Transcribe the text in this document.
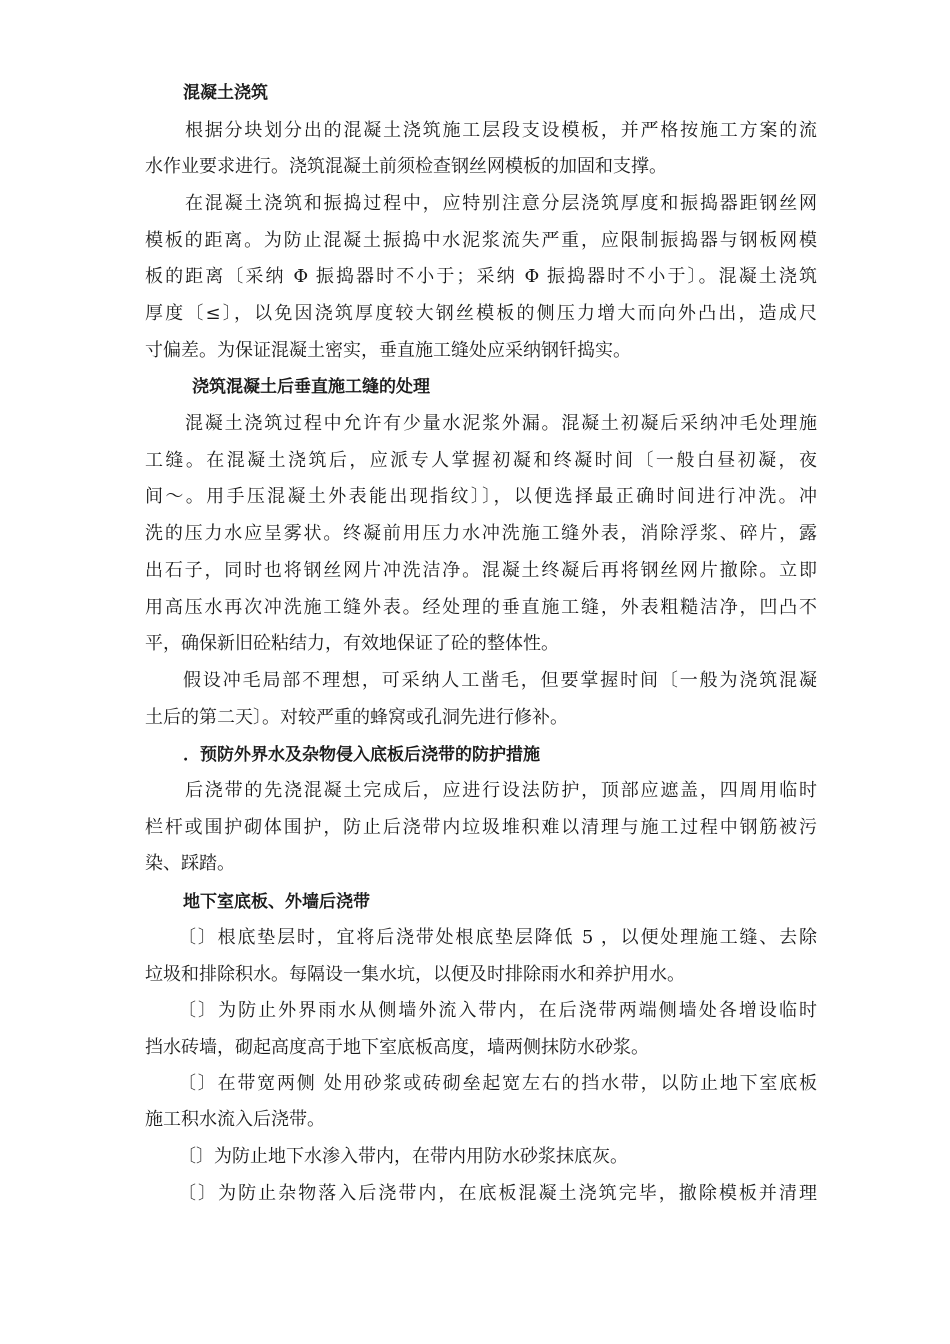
混凝土浇筑
根据分块划分出的混凝土浇筑施工层段支设模板，并严格按施工方案的流
水作业要求进行。浇筑混凝土前须检查钢丝网模板的加固和支撑。
在混凝土浇筑和振捣过程中，应特别注意分层浇筑厚度和振捣器距钢丝网
模板的距离。为防止混凝土振捣中水泥浆流失严重，应限制振捣器与钢板网模
板的距离〔采纳 Φ 振捣器时不小于；采纳 Φ 振捣器时不小于〕。混凝土浇筑
厚度〔≤〕，以免因浇筑厚度较大钢丝模板的侧压力增大而向外凸出，造成尺
寸偏差。为保证混凝土密实，垂直施工缝处应采纳钢钎捣实。
浇筑混凝土后垂直施工缝的处理
混凝土浇筑过程中允许有少量水泥浆外漏。混凝土初凝后采纳冲毛处理施
工缝。在混凝土浇筑后，应派专人掌握初凝和终凝时间〔一般白昼初凝，夜
间～。用手压混凝土外表能出现指纹〕〕，以便选择最正确时间进行冲洗。冲
洗的压力水应呈雾状。终凝前用压力水冲洗施工缝外表，消除浮浆、碎片，露
出石子，同时也将钢丝网片冲洗洁净。混凝土终凝后再将钢丝网片撤除。立即
用高压水再次冲洗施工缝外表。经处理的垂直施工缝，外表粗糙洁净，凹凸不
平，确保新旧砼粘结力，有效地保证了砼的整体性。
假设冲毛局部不理想，可采纳人工凿毛，但要掌握时间〔一般为浇筑混凝
土后的第二天〕。对较严重的蜂窝或孔洞先进行修补。
．预防外界水及杂物侵入底板后浇带的防护措施
后浇带的先浇混凝土完成后，应进行设法防护，顶部应遮盖，四周用临时
栏杆或围护砌体围护，防止后浇带内垃圾堆积难以清理与施工过程中钢筋被污
染、踩踏。
地下室底板、外墙后浇带
〔〕根底垫层时，宜将后浇带处根底垫层降低 5 ，以便处理施工缝、去除
垃圾和排除积水。每隔设一集水坑，以便及时排除雨水和养护用水。
〔〕为防止外界雨水从侧墙外流入带内，在后浇带两端侧墙处各增设临时
挡水砖墙，砌起高度高于地下室底板高度，墙两侧抹防水砂浆。
〔〕在带宽两侧 处用砂浆或砖砌垒起宽左右的挡水带，以防止地下室底板
施工积水流入后浇带。
〔〕为防止地下水渗入带内，在带内用防水砂浆抹底灰。
〔〕为防止杂物落入后浇带内，在底板混凝土浇筑完毕，撤除模板并清理
